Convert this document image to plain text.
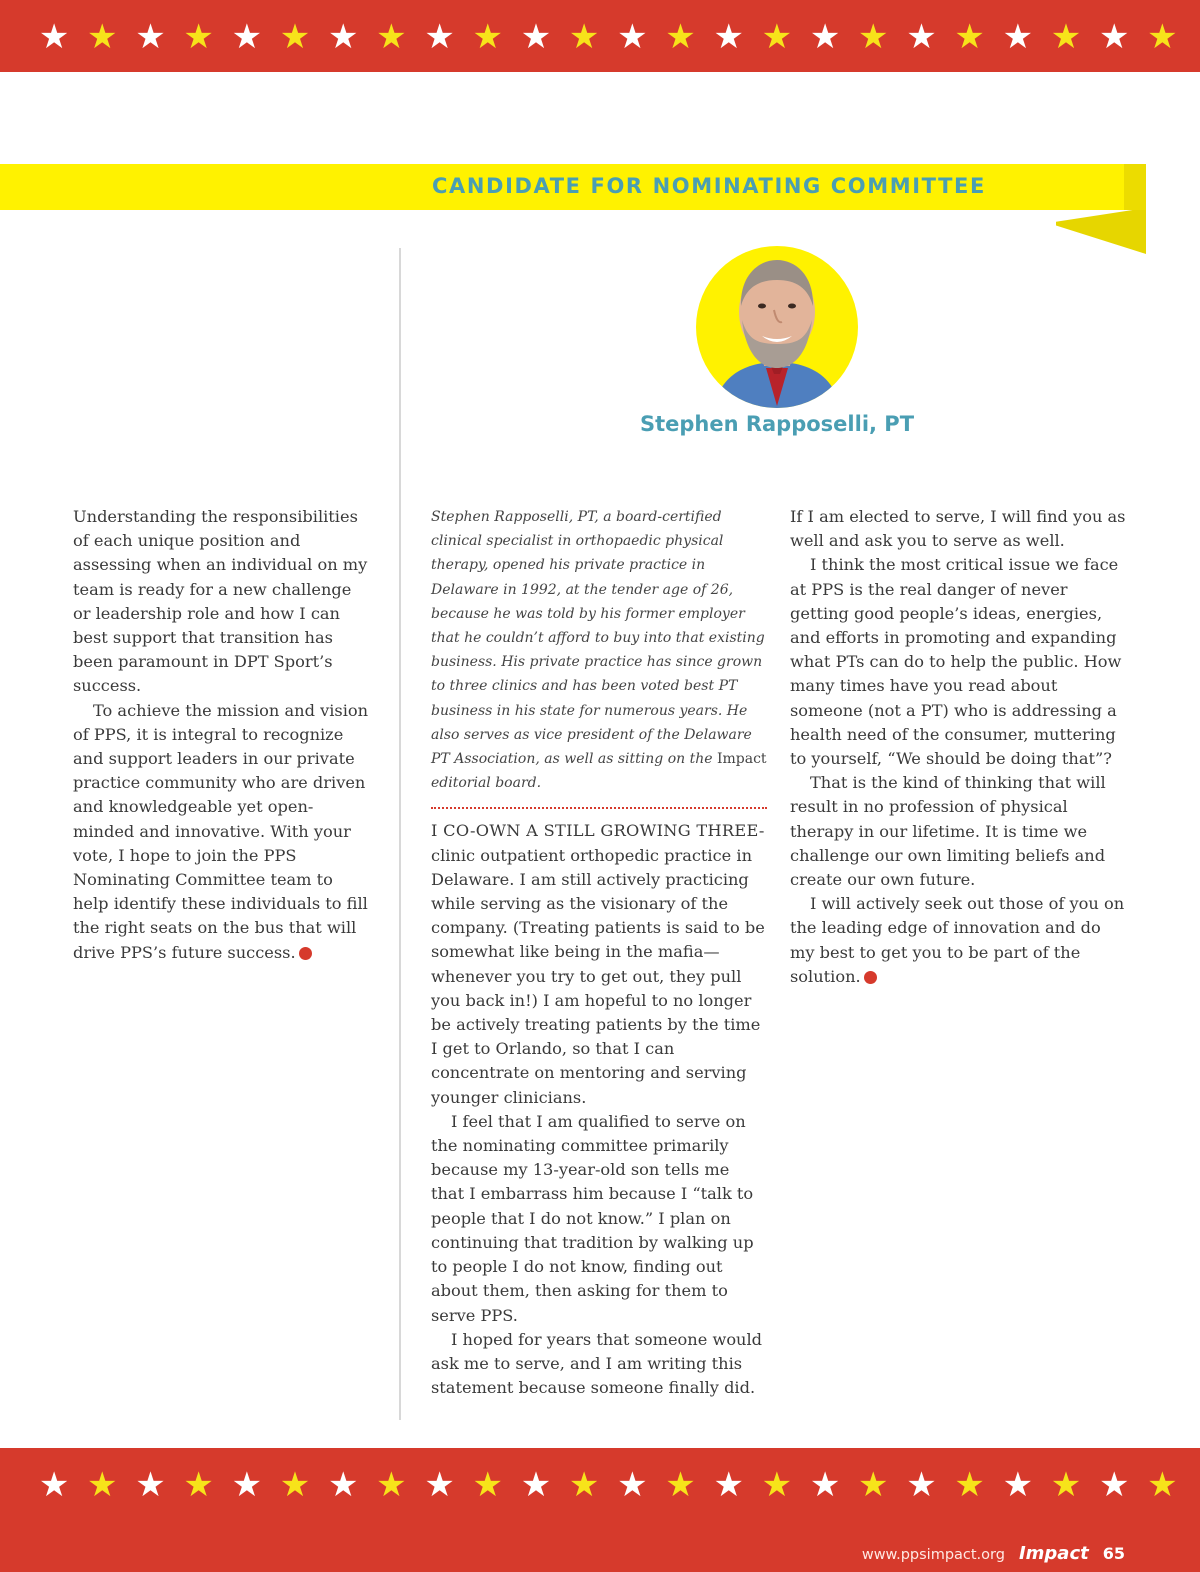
★ ★ ★ ★ ★ ★ ★ ★ ★ ★ ★ ★ ★ ★ ★ ★ ★ ★ ★ ★ ★ ★ ★ ★
CANDIDATE FOR NOMINATING COMMITTEE
Stephen Rapposelli, PT

Understanding the responsibilities of each unique position and assessing when an individual on my team is ready for a new challenge or leadership role and how I can best support that transition has been paramount in DPT Sport’s success.

To achieve the mission and vision of PPS, it is integral to recognize and support leaders in our private practice community who are driven and knowledgeable yet open-minded and innovative. With your vote, I hope to join the PPS Nominating Committee team to help identify these individuals to fill the right seats on the bus that will drive PPS’s future success.	★

Stephen Rapposelli, PT, a board-certified clinical specialist in orthopaedic physical therapy, opened his private practice in Delaware in 1992, at the tender age of 26, because he was told by his former employer that he couldn’t afford to buy into that existing business. His private practice has since grown to three clinics and has been voted best PT business in his state for numerous years. He also serves as vice president of the Delaware PT Association, as well as sitting on the Impact editorial board.

I CO-OWN A STILL GROWING THREE- clinic outpatient orthopedic practice in Delaware. I am still actively practicing while serving as the visionary of the company. (Treating patients is said to be somewhat like being in the mafia—whenever you try to get out, they pull you back in!) I am hopeful to no longer be actively treating patients by the time I get to Orlando, so that I can concentrate on mentoring and serving younger clinicians.

I feel that I am qualified to serve on the nominating committee primarily because my 13-year-old son tells me that I embarrass him because I “talk to people that I do not know.” I plan on continuing that tradition by walking up to people I do not know, finding out about them, then asking for them to serve PPS.

I hoped for years that someone would ask me to serve, and I am writing this statement because someone finally did.

If I am elected to serve, I will find you as well and ask you to serve as well.

I think the most critical issue we face at PPS is the real danger of never getting good people’s ideas, energies, and efforts in promoting and expanding what PTs can do to help the public. How many times have you read about someone (not a PT) who is addressing a health need of the consumer, muttering to yourself, “We should be doing that”?

That is the kind of thinking that will result in no profession of physical therapy in our lifetime. It is time we challenge our own limiting beliefs and create our own future.

I will actively seek out those of you on the leading edge of innovation and do my best to get you to be part of the solution.	★

★ ★ ★ ★ ★ ★ ★ ★ ★ ★ ★ ★ ★ ★ ★ ★ ★ ★ ★ ★ ★ ★ ★ ★
www.ppsimpact.org Impact 65
